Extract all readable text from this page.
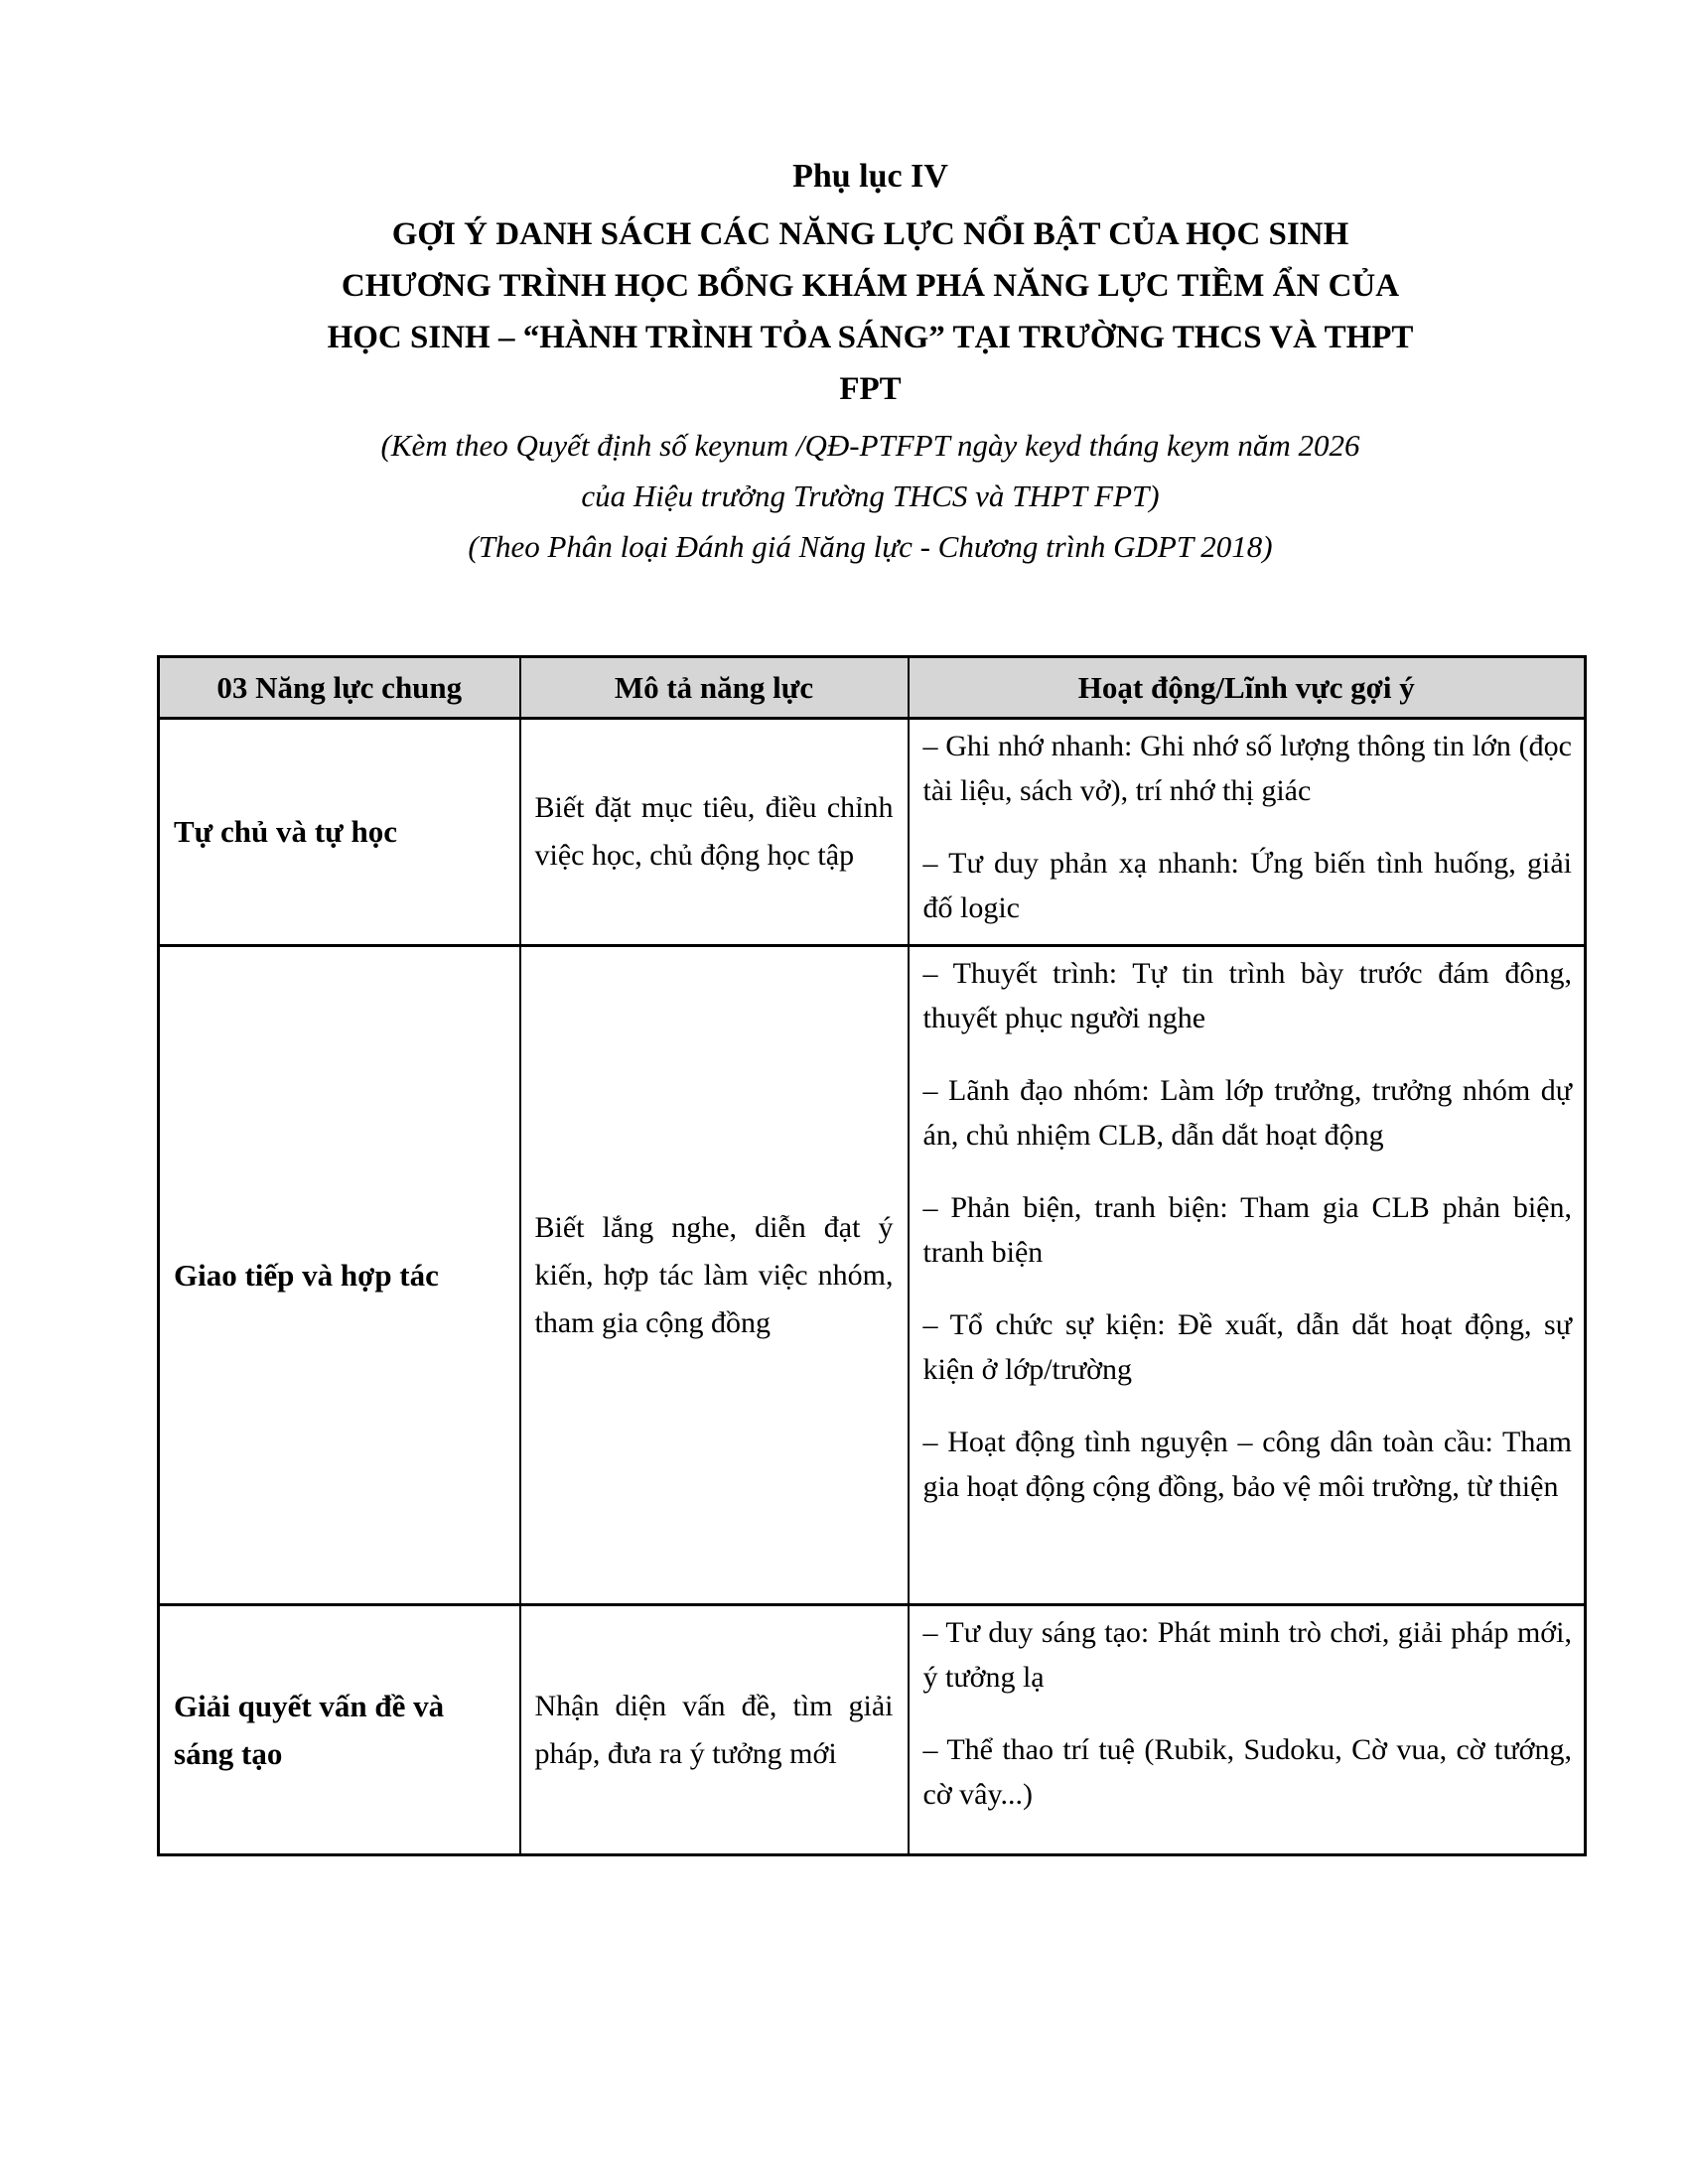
Phụ lục IV

GỢI Ý DANH SÁCH CÁC NĂNG LỰC NỔI BẬT CỦA HỌC SINH
CHƯƠNG TRÌNH HỌC BỔNG KHÁM PHÁ NĂNG LỰC TIỀM ẨN CỦA
HỌC SINH – “HÀNH TRÌNH TỎA SÁNG” TẠI TRƯỜNG THCS VÀ THPT
FPT
(Kèm theo Quyết định số keynum /QĐ-PTFPT ngày keyd tháng keym năm 2026
của Hiệu trưởng Trường THCS và THPT FPT)
(Theo Phân loại Đánh giá Năng lực - Chương trình GDPT 2018)
03 Năng lực chung	Mô tả năng lực	Hoạt động/Lĩnh vực gợi ý
Tự chủ và tự học	Biết đặt mục tiêu, điều chỉnh việc học, chủ động học tập	– Ghi nhớ nhanh: Ghi nhớ số lượng thông tin lớn (đọc tài liệu, sách vở), trí nhớ thị giác

– Tư duy phản xạ nhanh: Ứng biến tình huống, giải đố logic

Giao tiếp và hợp tác	Biết lắng nghe, diễn đạt ý kiến, hợp tác làm việc nhóm, tham gia cộng đồng	– Thuyết trình: Tự tin trình bày trước đám đông, thuyết phục người nghe

– Lãnh đạo nhóm: Làm lớp trưởng, trưởng nhóm dự án, chủ nhiệm CLB, dẫn dắt hoạt động

– Phản biện, tranh biện: Tham gia CLB phản biện, tranh biện

– Tổ chức sự kiện: Đề xuất, dẫn dắt hoạt động, sự kiện ở lớp/trường

– Hoạt động tình nguyện – công dân toàn cầu: Tham gia hoạt động cộng đồng, bảo vệ môi trường, từ thiện

Giải quyết vấn đề và sáng tạo	Nhận diện vấn đề, tìm giải pháp, đưa ra ý tưởng mới	– Tư duy sáng tạo: Phát minh trò chơi, giải pháp mới, ý tưởng lạ

– Thể thao trí tuệ (Rubik, Sudoku, Cờ vua, cờ tướng, cờ vây...)
